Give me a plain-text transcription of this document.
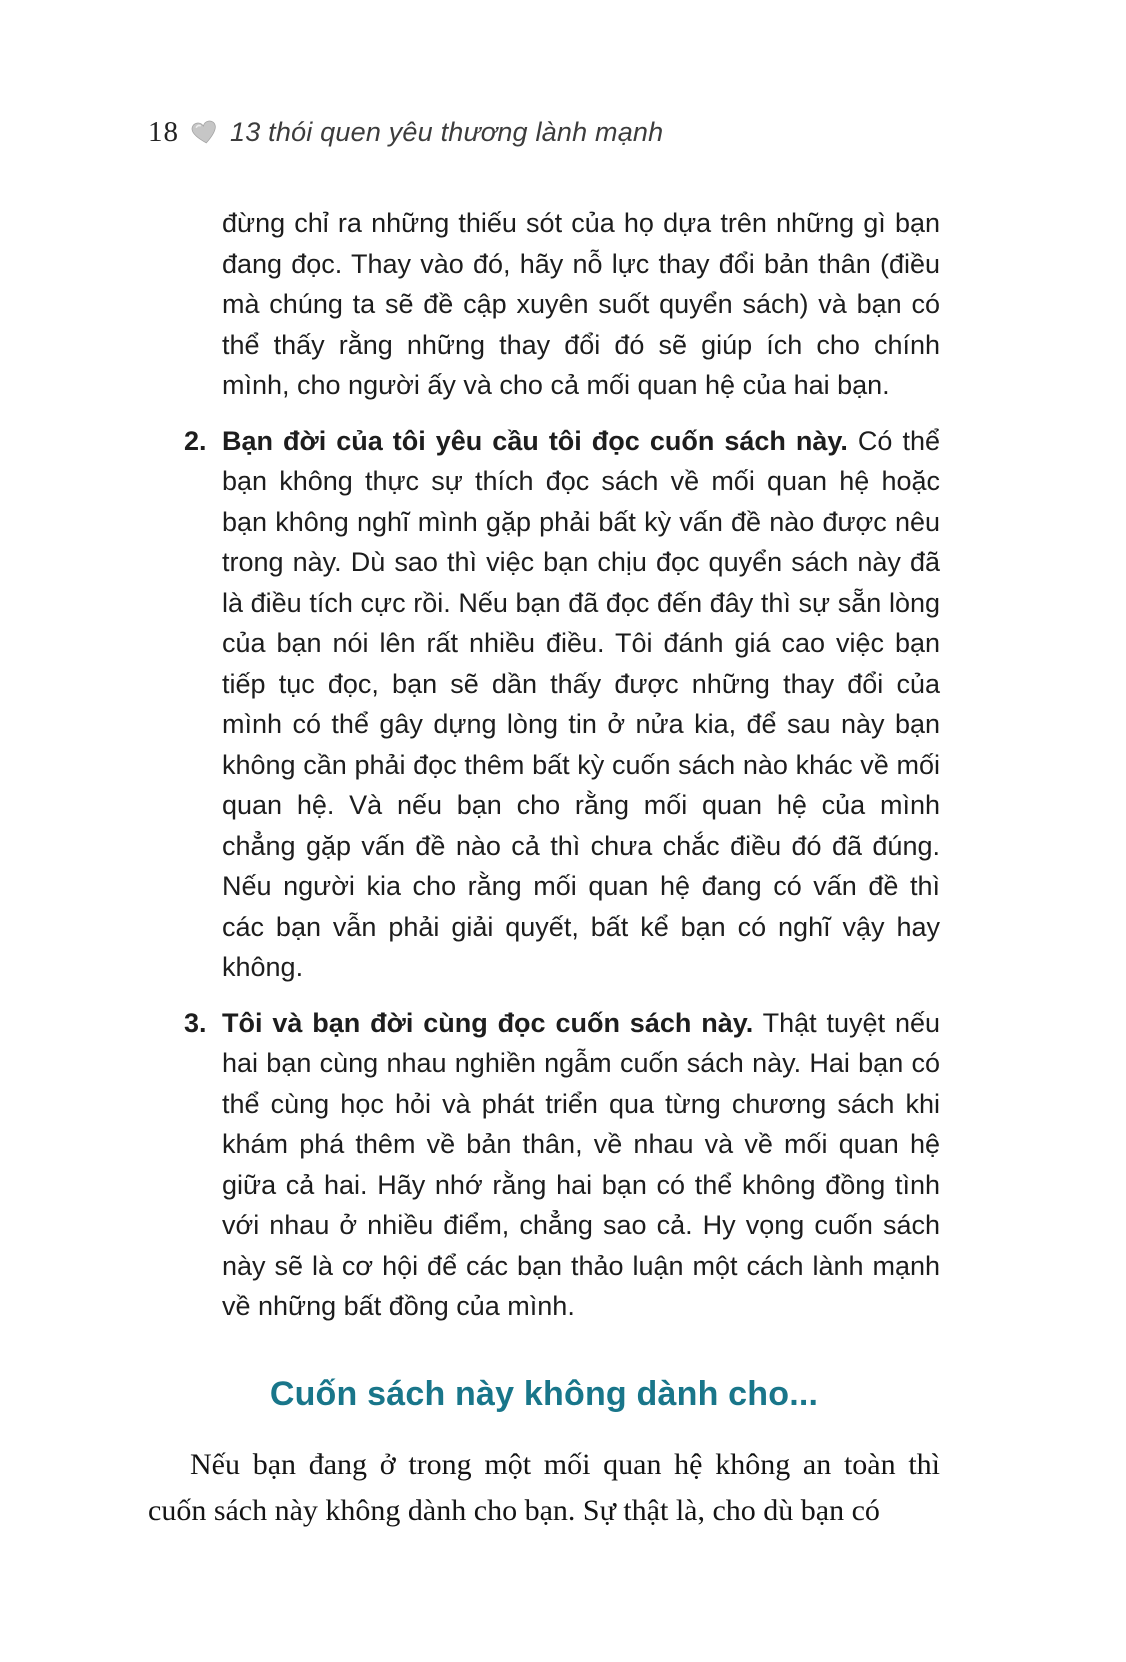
18 13 thói quen yêu thương lành mạnh

đừng chỉ ra những thiếu sót của họ dựa trên những gì bạn đang đọc. Thay vào đó, hãy nỗ lực thay đổi bản thân (điều mà chúng ta sẽ đề cập xuyên suốt quyển sách) và bạn có thể thấy rằng những thay đổi đó sẽ giúp ích cho chính mình, cho người ấy và cho cả mối quan hệ của hai bạn.

2. Bạn đời của tôi yêu cầu tôi đọc cuốn sách này. Có thể bạn không thực sự thích đọc sách về mối quan hệ hoặc bạn không nghĩ mình gặp phải bất kỳ vấn đề nào được nêu trong này. Dù sao thì việc bạn chịu đọc quyển sách này đã là điều tích cực rồi. Nếu bạn đã đọc đến đây thì sự sẵn lòng của bạn nói lên rất nhiều điều. Tôi đánh giá cao việc bạn tiếp tục đọc, bạn sẽ dần thấy được những thay đổi của mình có thể gây dựng lòng tin ở nửa kia, để sau này bạn không cần phải đọc thêm bất kỳ cuốn sách nào khác về mối quan hệ. Và nếu bạn cho rằng mối quan hệ của mình chẳng gặp vấn đề nào cả thì chưa chắc điều đó đã đúng. Nếu người kia cho rằng mối quan hệ đang có vấn đề thì các bạn vẫn phải giải quyết, bất kể bạn có nghĩ vậy hay không.

3. Tôi và bạn đời cùng đọc cuốn sách này. Thật tuyệt nếu hai bạn cùng nhau nghiền ngẫm cuốn sách này. Hai bạn có thể cùng học hỏi và phát triển qua từng chương sách khi khám phá thêm về bản thân, về nhau và về mối quan hệ giữa cả hai. Hãy nhớ rằng hai bạn có thể không đồng tình với nhau ở nhiều điểm, chẳng sao cả. Hy vọng cuốn sách này sẽ là cơ hội để các bạn thảo luận một cách lành mạnh về những bất đồng của mình.

Cuốn sách này không dành cho...

Nếu bạn đang ở trong một mối quan hệ không an toàn thì cuốn sách này không dành cho bạn. Sự thật là, cho dù bạn có
